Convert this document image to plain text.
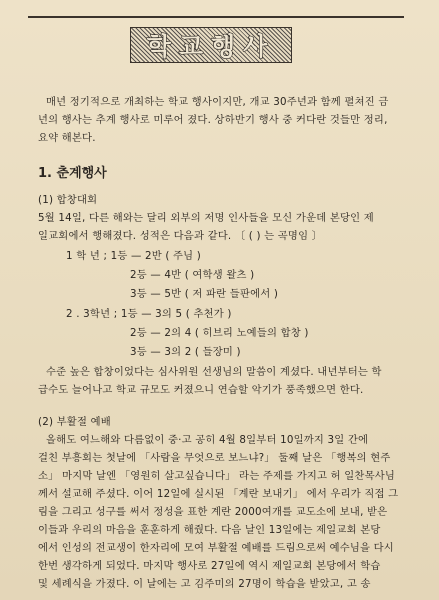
학교행사
매년 정기적으로 개최하는 학교 행사이지만, 개교 30주년과 함께 펼쳐진 금
년의 행사는 추계 행사로 미루어 졌다. 상하반기 행사 중 커다란 것들만 정리,
요약 해본다.
1. 춘계행사
(1) 합창대회
5월 14일, 다른 해와는 달리 외부의 저명 인사들을 모신 가운데 본당인 제
일교회에서 행해졌다. 성적은 다음과 같다. 〔 ( ) 는 곡명임 〕
1 학 년 ; 1등 — 2반 ( 주님 )
2등 — 4반 ( 여학생 왈츠 )
3등 — 5반 ( 저 파란 들판에서 )
2 . 3학년 ; 1등 — 3의 5 ( 추천가 )
2등 — 2의 4 ( 히브리 노예들의 합창 )
3등 — 3의 2 ( 들장미 )
수준 높은 합창이었다는 심사위원 선생님의 말씀이 계셨다. 내년부터는 학
급수도 늘어나고 학교 규모도 커졌으니 연습할 악기가 풍족했으면 한다.
(2) 부활절 예배
올해도 여느해와 다름없이 중·고 공히 4월 8일부터 10일까지 3일 간에
걸친 부흥회는 첫날에 「사람을 무엇으로 보느냐?」 둘째 날은 「행복의 현주
소」 마지막 날엔 「영원히 살고싶습니다」 라는 주제를 가지고 허 일찬목사님
께서 설교해 주셨다. 이어 12일에 실시된 「계란 보내기」 에서 우리가 직접 그
림을 그리고 성구를 써서 정성을 표한 계란 2000여개를 교도소에 보내, 받은
이들과 우리의 마음을 훈훈하게 해줬다. 다음 날인 13일에는 제일교회 본당
에서 인성의 전교생이 한자리에 모여 부활절 예배를 드림으로써 예수님을 다시
한번 생각하게 되었다. 마지막 행사로 27일에 역시 제일교회 본당에서 학습
및 세례식을 가졌다. 이 날에는 고 김주미의 27명이 학습을 받았고, 고 송
